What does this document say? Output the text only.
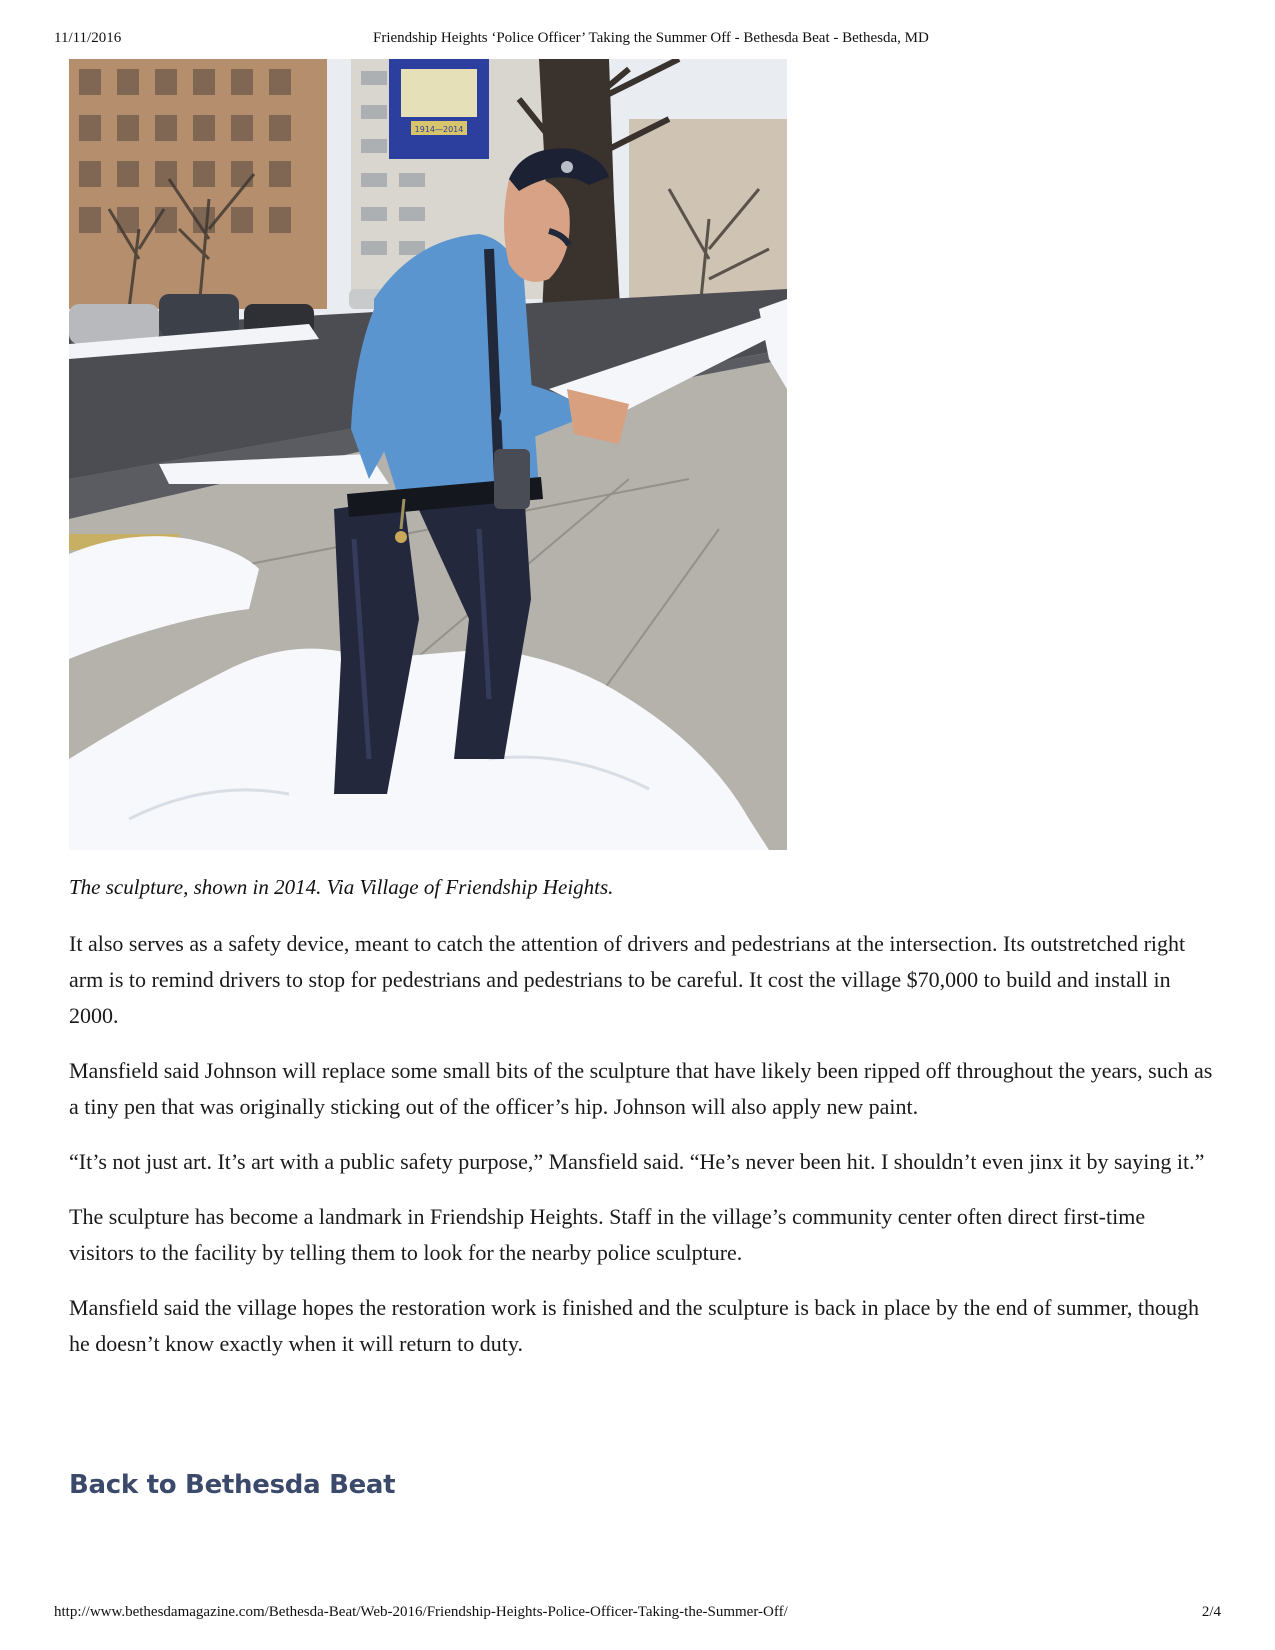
11/11/2016	Friendship Heights ‘Police Officer’ Taking the Summer Off - Bethesda Beat - Bethesda, MD
1914—2014
The sculpture, shown in 2014. Via Village of Friendship Heights.

It also serves as a safety device, meant to catch the attention of drivers and pedestrians at the intersection. Its outstretched right arm is to remind drivers to stop for pedestrians and pedestrians to be careful. It cost the village $70,000 to build and install in 2000.

Mansfield said Johnson will replace some small bits of the sculpture that have likely been ripped off throughout the years, such as a tiny pen that was originally sticking out of the officer’s hip. Johnson will also apply new paint.

“It’s not just art. It’s art with a public safety purpose,” Mansfield said. “He’s never been hit. I shouldn’t even jinx it by saying it.”

The sculpture has become a landmark in Friendship Heights. Staff in the village’s community center often direct first-time visitors to the facility by telling them to look for the nearby police sculpture.

Mansfield said the village hopes the restoration work is finished and the sculpture is back in place by the end of summer, though he doesn’t know exactly when it will return to duty.

Back to Bethesda Beat
http://www.bethesdamagazine.com/Bethesda-Beat/Web-2016/Friendship-Heights-Police-Officer-Taking-the-Summer-Off/	2/4
